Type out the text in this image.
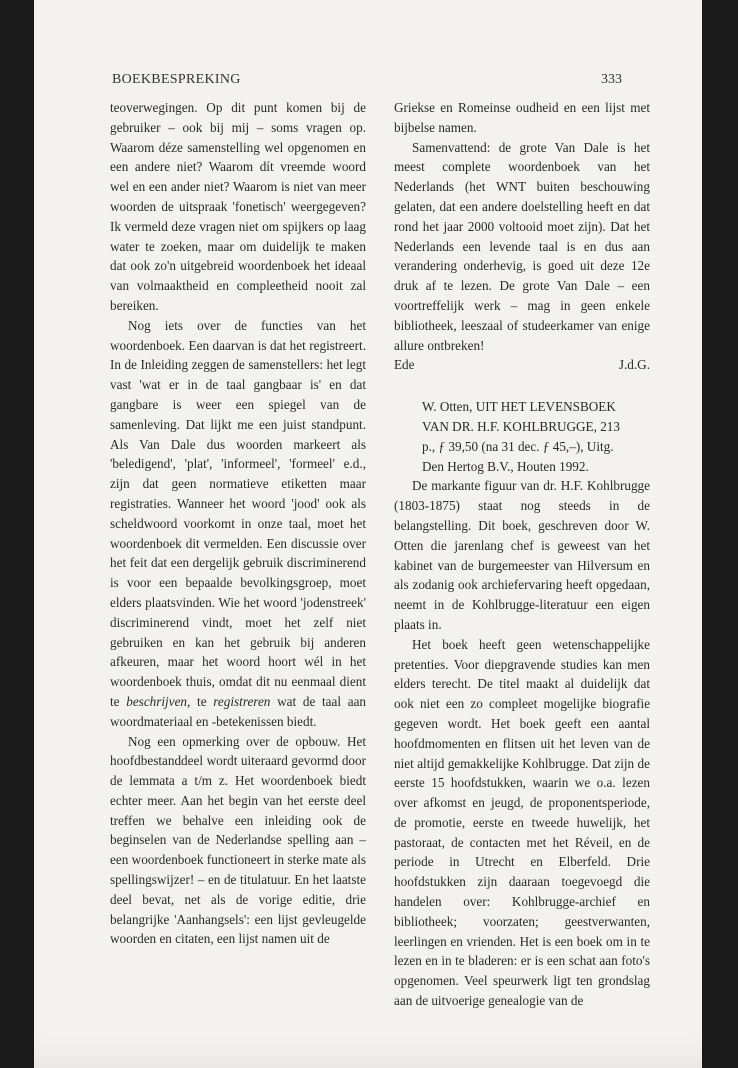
BOEKBESPREKING	333

teoverwegingen. Op dit punt komen bij de gebruiker – ook bij mij – soms vragen op. Waarom déze samenstelling wel opgenomen en een andere niet? Waarom dít vreemde woord wel en een ander niet? Waarom is niet van meer woorden de uitspraak 'fonetisch' weergegeven? Ik vermeld deze vragen niet om spijkers op laag water te zoeken, maar om duidelijk te maken dat ook zo'n uitgebreid woordenboek het ideaal van volmaaktheid en compleetheid nooit zal bereiken.

Nog iets over de functies van het woordenboek. Een daarvan is dat het registreert. In de Inleiding zeggen de samenstellers: het legt vast 'wat er in de taal gangbaar is' en dat gangbare is weer een spiegel van de samenleving. Dat lijkt me een juist standpunt. Als Van Dale dus woorden markeert als 'beledigend', 'plat', 'informeel', 'formeel' e.d., zijn dat geen normatieve etiketten maar registraties. Wanneer het woord 'jood' ook als scheldwoord voorkomt in onze taal, moet het woordenboek dit vermelden. Een discussie over het feit dat een dergelijk gebruik discriminerend is voor een bepaalde bevolkingsgroep, moet elders plaatsvinden. Wie het woord 'jodenstreek' discriminerend vindt, moet het zelf niet gebruiken en kan het gebruik bij anderen afkeuren, maar het woord hoort wél in het woordenboek thuis, omdat dit nu eenmaal dient te beschrijven, te registreren wat de taal aan woordmateriaal en -betekenissen biedt.

Nog een opmerking over de opbouw. Het hoofdbestanddeel wordt uiteraard gevormd door de lemmata a t/m z. Het woordenboek biedt echter meer. Aan het begin van het eerste deel treffen we behalve een inleiding ook de beginselen van de Nederlandse spelling aan – een woordenboek functioneert in sterke mate als spellingswijzer! – en de titulatuur. En het laatste deel bevat, net als de vorige editie, drie belangrijke 'Aanhangsels': een lijst gevleugelde woorden en citaten, een lijst namen uit de

Griekse en Romeinse oudheid en een lijst met bijbelse namen.

Samenvattend: de grote Van Dale is het meest complete woordenboek van het Nederlands (het WNT buiten beschouwing gelaten, dat een andere doelstelling heeft en dat rond het jaar 2000 voltooid moet zijn). Dat het Nederlands een levende taal is en dus aan verandering onderhevig, is goed uit deze 12e druk af te lezen. De grote Van Dale – een voortreffelijk werk – mag in geen enkele bibliotheek, leeszaal of studeerkamer van enige allure ontbreken!

Ede	J.d.G.
W. Otten, UIT HET LEVENSBOEK
VAN DR. H.F. KOHLBRUGGE, 213
p., ƒ 39,50 (na 31 dec. ƒ 45,–), Uitg.
Den Hertog B.V., Houten 1992.

De markante figuur van dr. H.F. Kohlbrugge (1803-1875) staat nog steeds in de belangstelling. Dit boek, geschreven door W. Otten die jarenlang chef is geweest van het kabinet van de burgemeester van Hilversum en als zodanig ook archiefervaring heeft opgedaan, neemt in de Kohlbrugge-literatuur een eigen plaats in.

Het boek heeft geen wetenschappelijke pretenties. Voor diepgravende studies kan men elders terecht. De titel maakt al duidelijk dat ook niet een zo compleet mogelijke biografie gegeven wordt. Het boek geeft een aantal hoofdmomenten en flitsen uit het leven van de niet altijd gemakkelijke Kohlbrugge. Dat zijn de eerste 15 hoofdstukken, waarin we o.a. lezen over afkomst en jeugd, de proponentsperiode, de promotie, eerste en tweede huwelijk, het pastoraat, de contacten met het Réveil, en de periode in Utrecht en Elberfeld. Drie hoofdstukken zijn daaraan toegevoegd die handelen over: Kohlbrugge-archief en bibliotheek; voorzaten; geestverwanten, leerlingen en vrienden. Het is een boek om in te lezen en in te bladeren: er is een schat aan foto's opgenomen. Veel speurwerk ligt ten grondslag aan de uitvoerige genealogie van de
